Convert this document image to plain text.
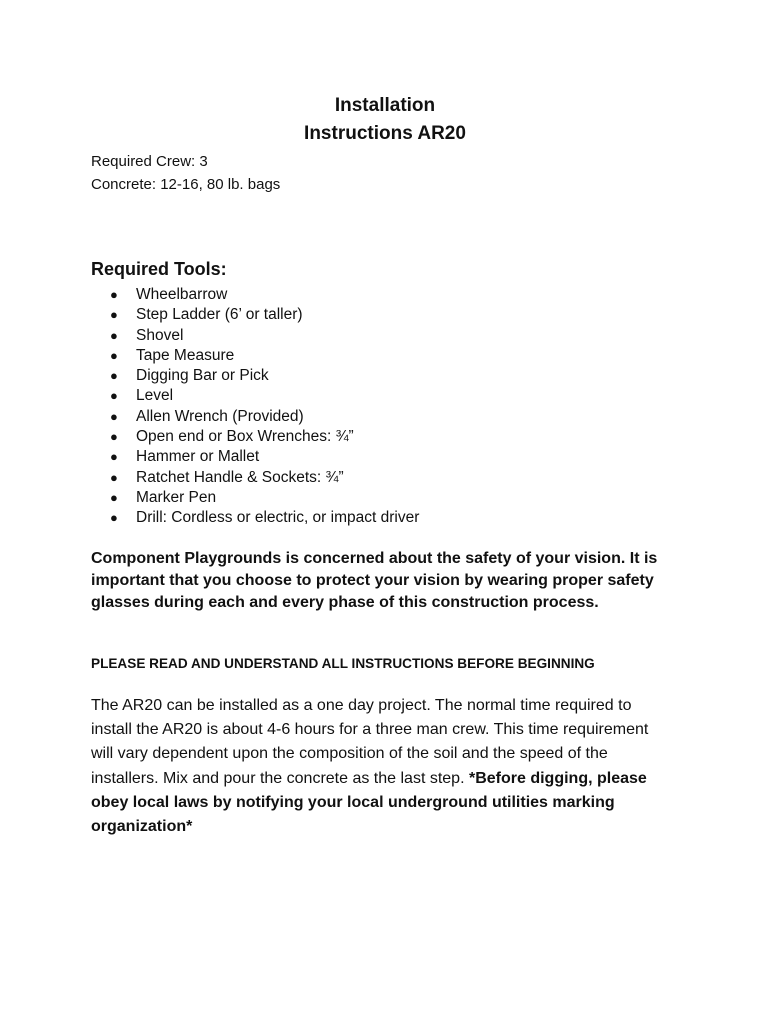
Installation
Instructions AR20
Required Crew: 3
Concrete: 12-16, 80 lb. bags
Required Tools:
● Wheelbarrow
● Step Ladder (6’ or taller)
● Shovel
● Tape Measure
● Digging Bar or Pick
● Level
● Allen Wrench (Provided)
● Open end or Box Wrenches: ¾”
● Hammer or Mallet
● Ratchet Handle & Sockets: ¾”
● Marker Pen
● Drill: Cordless or electric, or impact driver

Component Playgrounds is concerned about the safety of your vision. It is important that you choose to protect your vision by wearing proper safety glasses during each and every phase of this construction process.

PLEASE READ AND UNDERSTAND ALL INSTRUCTIONS BEFORE BEGINNING

The AR20 can be installed as a one day project. The normal time required to install the AR20 is about 4-6 hours for a three man crew. This time requirement will vary dependent upon the composition of the soil and the speed of the installers. Mix and pour the concrete as the last step. *Before digging, please obey local laws by notifying your local underground utilities marking organization*
